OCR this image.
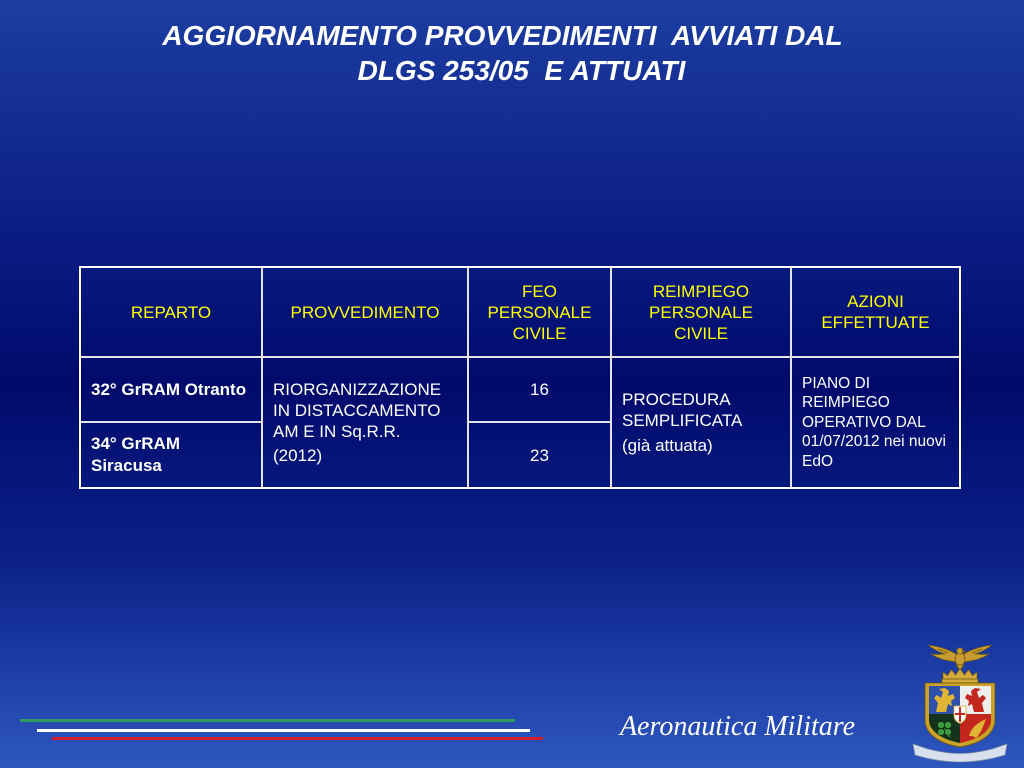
AGGIORNAMENTO PROVVEDIMENTI  AVVIATI DAL
DLGS 253/05  E ATTUATI
REPARTO	PROVVEDIMENTO
FEO
PERSONALE
CIVILE
REIMPIEGO
PERSONALE
CIVILE
AZIONI
EFFETTUATE
32° GrRAM Otranto RIORGANIZZAZIONE
IN DISTACCAMENTO
AM E IN Sq.R.R.
(2012)
16
PROCEDURA
SEMPLIFICATA
(già attuata)
PIANO DI
REIMPIEGO
OPERATIVO DAL
01/07/2012 nei nuovi
EdO
34° GrRAM
Siracusa
23
Aeronautica Militare
